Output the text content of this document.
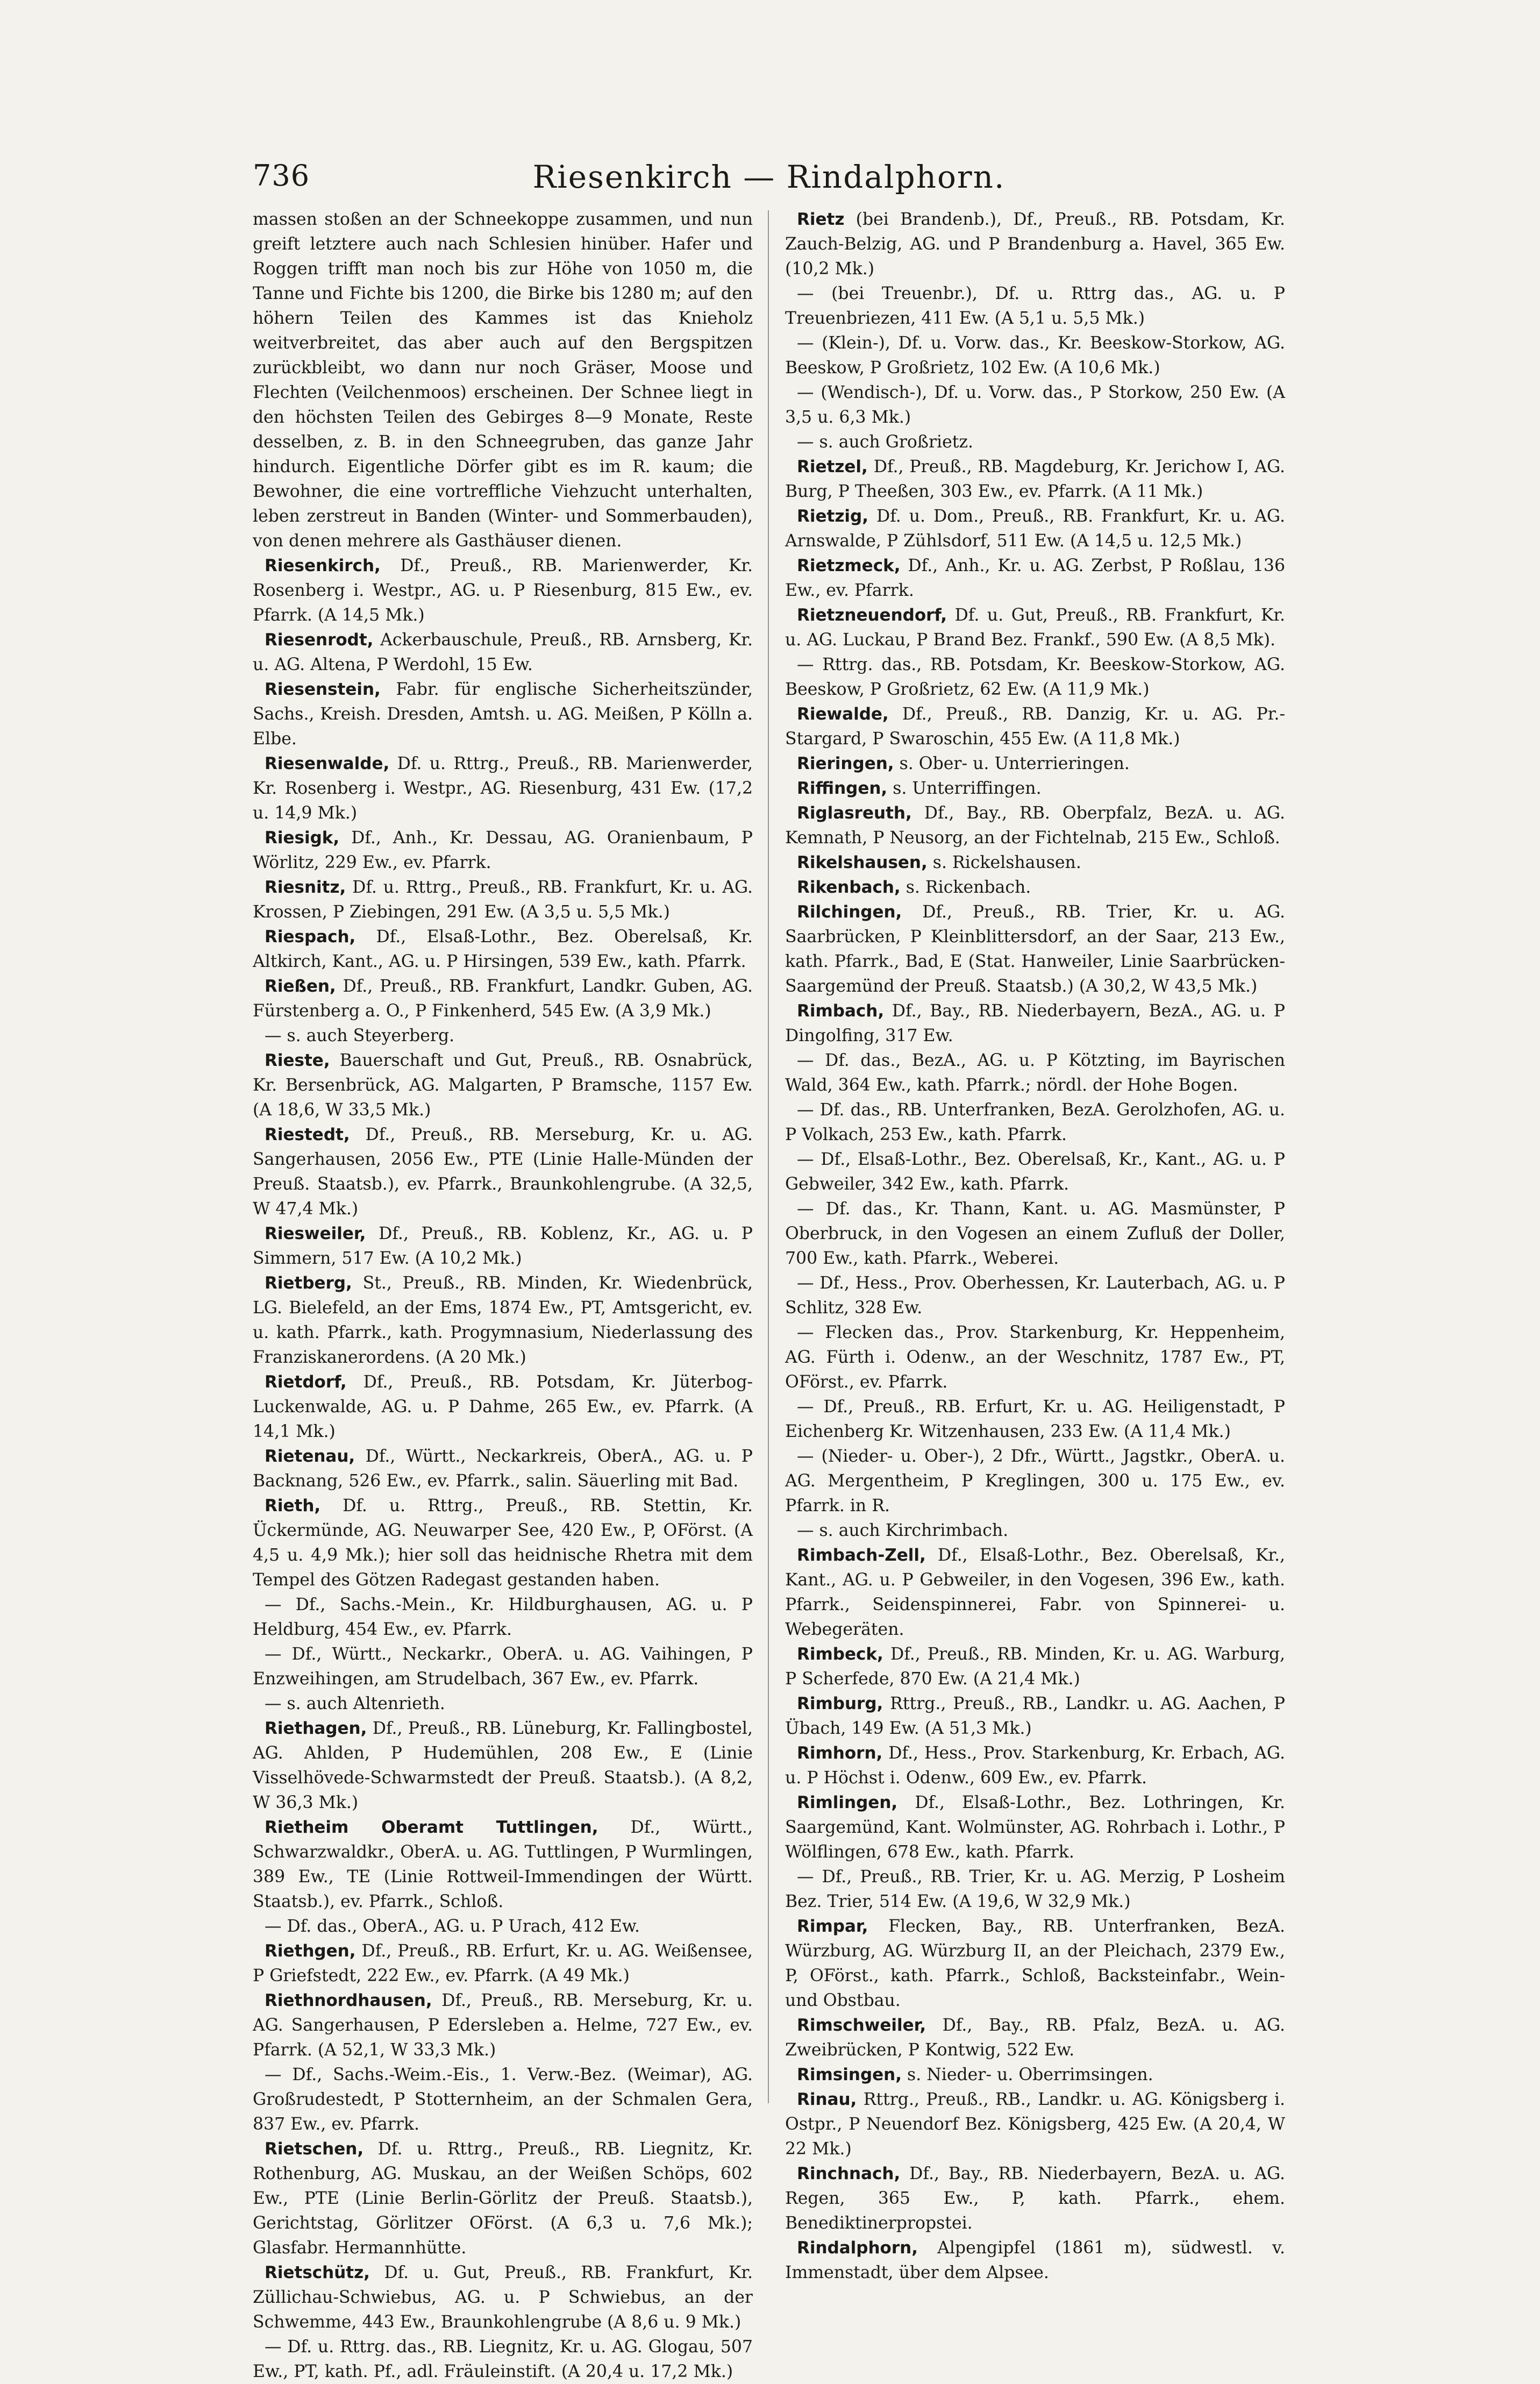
736	Riesenkirch — Rindalphorn.

massen stoßen an der Schneekoppe zusammen, und nun greift letztere auch nach Schlesien hinüber. Hafer und Roggen trifft man noch bis zur Höhe von 1050 m, die Tanne und Fichte bis 1200, die Birke bis 1280 m; auf den höhern Teilen des Kammes ist das Knieholz weitverbreitet, das aber auch auf den Bergspitzen zurückbleibt, wo dann nur noch Gräser, Moose und Flechten (Veilchenmoos) erscheinen. Der Schnee liegt in den höchsten Teilen des Gebirges 8—9 Monate, Reste desselben, z. B. in den Schneegruben, das ganze Jahr hindurch. Eigentliche Dörfer gibt es im R. kaum; die Bewohner, die eine vortreffliche Viehzucht unterhalten, leben zerstreut in Banden (Winter- und Sommerbauden), von denen mehrere als Gasthäuser dienen.

Riesenkirch, Df., Preuß., RB. Marienwerder, Kr. Rosenberg i. Westpr., AG. u. P Riesenburg, 815 Ew., ev. Pfarrk. (A 14,5 Mk.)

Riesenrodt, Ackerbauschule, Preuß., RB. Arnsberg, Kr. u. AG. Altena, P Werdohl, 15 Ew.

Riesenstein, Fabr. für englische Sicherheitszünder, Sachs., Kreish. Dresden, Amtsh. u. AG. Meißen, P Kölln a. Elbe.

Riesenwalde, Df. u. Rttrg., Preuß., RB. Marienwerder, Kr. Rosenberg i. Westpr., AG. Riesenburg, 431 Ew. (17,2 u. 14,9 Mk.)

Riesigk, Df., Anh., Kr. Dessau, AG. Oranienbaum, P Wörlitz, 229 Ew., ev. Pfarrk.

Riesnitz, Df. u. Rttrg., Preuß., RB. Frankfurt, Kr. u. AG. Krossen, P Ziebingen, 291 Ew. (A 3,5 u. 5,5 Mk.)

Riespach, Df., Elsaß-Lothr., Bez. Oberelsaß, Kr. Altkirch, Kant., AG. u. P Hirsingen, 539 Ew., kath. Pfarrk.

Rießen, Df., Preuß., RB. Frankfurt, Landkr. Guben, AG. Fürstenberg a. O., P Finkenherd, 545 Ew. (A 3,9 Mk.)

— s. auch Steyerberg.

Rieste, Bauerschaft und Gut, Preuß., RB. Osnabrück, Kr. Bersenbrück, AG. Malgarten, P Bramsche, 1157 Ew. (A 18,6, W 33,5 Mk.)

Riestedt, Df., Preuß., RB. Merseburg, Kr. u. AG. Sangerhausen, 2056 Ew., PTE (Linie Halle-Münden der Preuß. Staatsb.), ev. Pfarrk., Braunkohlengrube. (A 32,5, W 47,4 Mk.)

Riesweiler, Df., Preuß., RB. Koblenz, Kr., AG. u. P Simmern, 517 Ew. (A 10,2 Mk.)

Rietberg, St., Preuß., RB. Minden, Kr. Wiedenbrück, LG. Bielefeld, an der Ems, 1874 Ew., PT, Amtsgericht, ev. u. kath. Pfarrk., kath. Progymnasium, Niederlassung des Franziskanerordens. (A 20 Mk.)

Rietdorf, Df., Preuß., RB. Potsdam, Kr. Jüterbog-Luckenwalde, AG. u. P Dahme, 265 Ew., ev. Pfarrk. (A 14,1 Mk.)

Rietenau, Df., Württ., Neckarkreis, OberA., AG. u. P Backnang, 526 Ew., ev. Pfarrk., salin. Säuerling mit Bad.

Rieth, Df. u. Rttrg., Preuß., RB. Stettin, Kr. Ückermünde, AG. Neuwarper See, 420 Ew., P, OFörst. (A 4,5 u. 4,9 Mk.); hier soll das heidnische Rhetra mit dem Tempel des Götzen Radegast gestanden haben.

— Df., Sachs.-Mein., Kr. Hildburghausen, AG. u. P Heldburg, 454 Ew., ev. Pfarrk.

— Df., Württ., Neckarkr., OberA. u. AG. Vaihingen, P Enzweihingen, am Strudelbach, 367 Ew., ev. Pfarrk.

— s. auch Altenrieth.

Riethagen, Df., Preuß., RB. Lüneburg, Kr. Fallingbostel, AG. Ahlden, P Hudemühlen, 208 Ew., E (Linie Visselhövede-Schwarmstedt der Preuß. Staatsb.). (A 8,2, W 36,3 Mk.)

Rietheim Oberamt Tuttlingen, Df., Württ., Schwarzwaldkr., OberA. u. AG. Tuttlingen, P Wurmlingen, 389 Ew., TE (Linie Rottweil-Immendingen der Württ. Staatsb.), ev. Pfarrk., Schloß.

— Df. das., OberA., AG. u. P Urach, 412 Ew.

Riethgen, Df., Preuß., RB. Erfurt, Kr. u. AG. Weißensee, P Griefstedt, 222 Ew., ev. Pfarrk. (A 49 Mk.)

Riethnordhausen, Df., Preuß., RB. Merseburg, Kr. u. AG. Sangerhausen, P Edersleben a. Helme, 727 Ew., ev. Pfarrk. (A 52,1, W 33,3 Mk.)

— Df., Sachs.-Weim.-Eis., 1. Verw.-Bez. (Weimar), AG. Großrudestedt, P Stotternheim, an der Schmalen Gera, 837 Ew., ev. Pfarrk.

Rietschen, Df. u. Rttrg., Preuß., RB. Liegnitz, Kr. Rothenburg, AG. Muskau, an der Weißen Schöps, 602 Ew., PTE (Linie Berlin-Görlitz der Preuß. Staatsb.), Gerichtstag, Görlitzer OFörst. (A 6,3 u. 7,6 Mk.); Glasfabr. Hermannhütte.

Rietschütz, Df. u. Gut, Preuß., RB. Frankfurt, Kr. Züllichau-Schwiebus, AG. u. P Schwiebus, an der Schwemme, 443 Ew., Braunkohlengrube (A 8,6 u. 9 Mk.)

— Df. u. Rttrg. das., RB. Liegnitz, Kr. u. AG. Glogau, 507 Ew., PT, kath. Pf., adl. Fräuleinstift. (A 20,4 u. 17,2 Mk.)

Rietz (bei Brandenb.), Df., Preuß., RB. Potsdam, Kr. Zauch-Belzig, AG. und P Brandenburg a. Havel, 365 Ew. (10,2 Mk.)

— (bei Treuenbr.), Df. u. Rttrg das., AG. u. P Treuenbriezen, 411 Ew. (A 5,1 u. 5,5 Mk.)

— (Klein-), Df. u. Vorw. das., Kr. Beeskow-Storkow, AG. Beeskow, P Großrietz, 102 Ew. (A 10,6 Mk.)

— (Wendisch-), Df. u. Vorw. das., P Storkow, 250 Ew. (A 3,5 u. 6,3 Mk.)

— s. auch Großrietz.

Rietzel, Df., Preuß., RB. Magdeburg, Kr. Jerichow I, AG. Burg, P Theeßen, 303 Ew., ev. Pfarrk. (A 11 Mk.)

Rietzig, Df. u. Dom., Preuß., RB. Frankfurt, Kr. u. AG. Arnswalde, P Zühlsdorf, 511 Ew. (A 14,5 u. 12,5 Mk.)

Rietzmeck, Df., Anh., Kr. u. AG. Zerbst, P Roßlau, 136 Ew., ev. Pfarrk.

Rietzneuendorf, Df. u. Gut, Preuß., RB. Frankfurt, Kr. u. AG. Luckau, P Brand Bez. Frankf., 590 Ew. (A 8,5 Mk).

— Rttrg. das., RB. Potsdam, Kr. Beeskow-Storkow, AG. Beeskow, P Großrietz, 62 Ew. (A 11,9 Mk.)

Riewalde, Df., Preuß., RB. Danzig, Kr. u. AG. Pr.-Stargard, P Swaroschin, 455 Ew. (A 11,8 Mk.)

Rieringen, s. Ober- u. Unterrieringen.

Riffingen, s. Unterriffingen.

Riglasreuth, Df., Bay., RB. Oberpfalz, BezA. u. AG. Kemnath, P Neusorg, an der Fichtelnab, 215 Ew., Schloß.

Rikelshausen, s. Rickelshausen.

Rikenbach, s. Rickenbach.

Rilchingen, Df., Preuß., RB. Trier, Kr. u. AG. Saarbrücken, P Kleinblittersdorf, an der Saar, 213 Ew., kath. Pfarrk., Bad, E (Stat. Hanweiler, Linie Saarbrücken-Saargemünd der Preuß. Staatsb.) (A 30,2, W 43,5 Mk.)

Rimbach, Df., Bay., RB. Niederbayern, BezA., AG. u. P Dingolfing, 317 Ew.

— Df. das., BezA., AG. u. P Kötzting, im Bayrischen Wald, 364 Ew., kath. Pfarrk.; nördl. der Hohe Bogen.

— Df. das., RB. Unterfranken, BezA. Gerolzhofen, AG. u. P Volkach, 253 Ew., kath. Pfarrk.

— Df., Elsaß-Lothr., Bez. Oberelsaß, Kr., Kant., AG. u. P Gebweiler, 342 Ew., kath. Pfarrk.

— Df. das., Kr. Thann, Kant. u. AG. Masmünster, P Oberbruck, in den Vogesen an einem Zufluß der Doller, 700 Ew., kath. Pfarrk., Weberei.

— Df., Hess., Prov. Oberhessen, Kr. Lauterbach, AG. u. P Schlitz, 328 Ew.

— Flecken das., Prov. Starkenburg, Kr. Heppenheim, AG. Fürth i. Odenw., an der Weschnitz, 1787 Ew., PT, OFörst., ev. Pfarrk.

— Df., Preuß., RB. Erfurt, Kr. u. AG. Heiligenstadt, P Eichenberg Kr. Witzenhausen, 233 Ew. (A 11,4 Mk.)

— (Nieder- u. Ober-), 2 Dfr., Württ., Jagstkr., OberA. u. AG. Mergentheim, P Kreglingen, 300 u. 175 Ew., ev. Pfarrk. in R.

— s. auch Kirchrimbach.

Rimbach-Zell, Df., Elsaß-Lothr., Bez. Oberelsaß, Kr., Kant., AG. u. P Gebweiler, in den Vogesen, 396 Ew., kath. Pfarrk., Seidenspinnerei, Fabr. von Spinnerei- u. Webegeräten.

Rimbeck, Df., Preuß., RB. Minden, Kr. u. AG. Warburg, P Scherfede, 870 Ew. (A 21,4 Mk.)

Rimburg, Rttrg., Preuß., RB., Landkr. u. AG. Aachen, P Übach, 149 Ew. (A 51,3 Mk.)

Rimhorn, Df., Hess., Prov. Starkenburg, Kr. Erbach, AG. u. P Höchst i. Odenw., 609 Ew., ev. Pfarrk.

Rimlingen, Df., Elsaß-Lothr., Bez. Lothringen, Kr. Saargemünd, Kant. Wolmünster, AG. Rohrbach i. Lothr., P Wölflingen, 678 Ew., kath. Pfarrk.

— Df., Preuß., RB. Trier, Kr. u. AG. Merzig, P Losheim Bez. Trier, 514 Ew. (A 19,6, W 32,9 Mk.)

Rimpar, Flecken, Bay., RB. Unterfranken, BezA. Würzburg, AG. Würzburg II, an der Pleichach, 2379 Ew., P, OFörst., kath. Pfarrk., Schloß, Backsteinfabr., Wein- und Obstbau.

Rimschweiler, Df., Bay., RB. Pfalz, BezA. u. AG. Zweibrücken, P Kontwig, 522 Ew.

Rimsingen, s. Nieder- u. Oberrimsingen.

Rinau, Rttrg., Preuß., RB., Landkr. u. AG. Königsberg i. Ostpr., P Neuendorf Bez. Königsberg, 425 Ew. (A 20,4, W 22 Mk.)

Rinchnach, Df., Bay., RB. Niederbayern, BezA. u. AG. Regen, 365 Ew., P, kath. Pfarrk., ehem. Benediktinerpropstei.

Rindalphorn, Alpengipfel (1861 m), südwestl. v. Immenstadt, über dem Alpsee.
